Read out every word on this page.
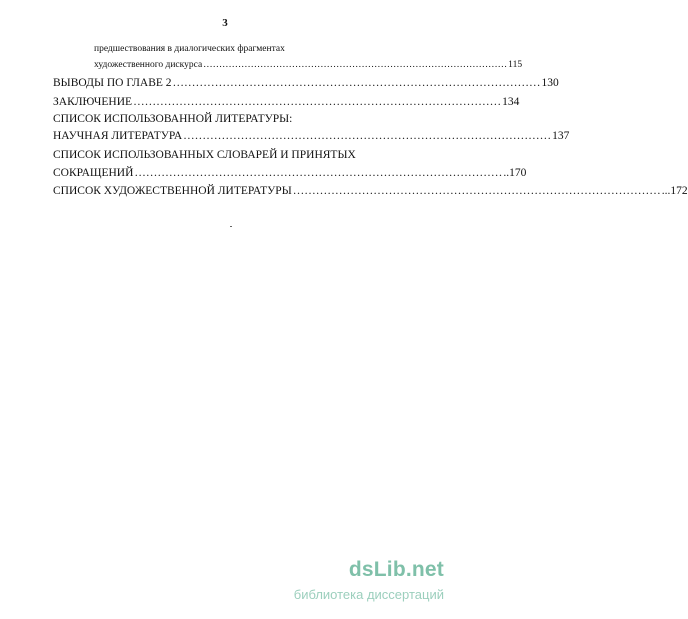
3
предшествования в диалогических фрагментах
художественного дискурса …………………………………………………………………………………… 115
ВЫВОДЫ ПО ГЛАВЕ 2 …………………………………………………………………………………… 130
ЗАКЛЮЧЕНИЕ …………………………………………………………………………………… 134
СПИСОК ИСПОЛЬЗОВАННОЙ ЛИТЕРАТУРЫ:
НАУЧНАЯ ЛИТЕРАТУРА …………………………………………………………………………………… 137
СПИСОК ИСПОЛЬЗОВАННЫХ СЛОВАРЕЙ И ПРИНЯТЫХ
СОКРАЩЕНИЙ …………………………………………………………………………………… ..170
СПИСОК ХУДОЖЕСТВЕННОЙ ЛИТЕРАТУРЫ …………………………………………………………………………………… ...172
dsLib.net
библиотека диссертаций
